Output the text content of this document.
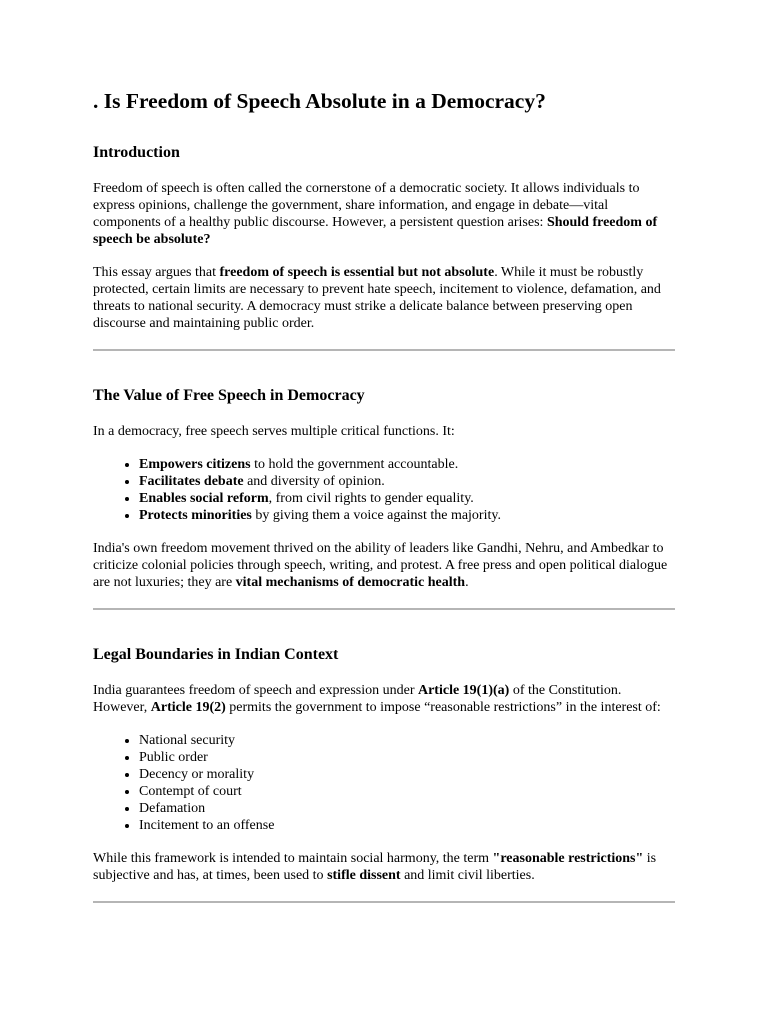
. Is Freedom of Speech Absolute in a Democracy?
Introduction

Freedom of speech is often called the cornerstone of a democratic society. It allows individuals to express opinions, challenge the government, share information, and engage in debate—vital components of a healthy public discourse. However, a persistent question arises: Should freedom of speech be absolute?

This essay argues that freedom of speech is essential but not absolute. While it must be robustly protected, certain limits are necessary to prevent hate speech, incitement to violence, defamation, and threats to national security. A democracy must strike a delicate balance between preserving open discourse and maintaining public order.

The Value of Free Speech in Democracy

In a democracy, free speech serves multiple critical functions. It:

• Empowers citizens to hold the government accountable.
• Facilitates debate and diversity of opinion.
• Enables social reform, from civil rights to gender equality.
• Protects minorities by giving them a voice against the majority.

India's own freedom movement thrived on the ability of leaders like Gandhi, Nehru, and Ambedkar to criticize colonial policies through speech, writing, and protest. A free press and open political dialogue are not luxuries; they are vital mechanisms of democratic health.

Legal Boundaries in Indian Context

India guarantees freedom of speech and expression under Article 19(1)(a) of the Constitution. However, Article 19(2) permits the government to impose “reasonable restrictions” in the interest of:

• National security
• Public order
• Decency or morality
• Contempt of court
• Defamation
• Incitement to an offense

While this framework is intended to maintain social harmony, the term "reasonable restrictions" is subjective and has, at times, been used to stifle dissent and limit civil liberties.
